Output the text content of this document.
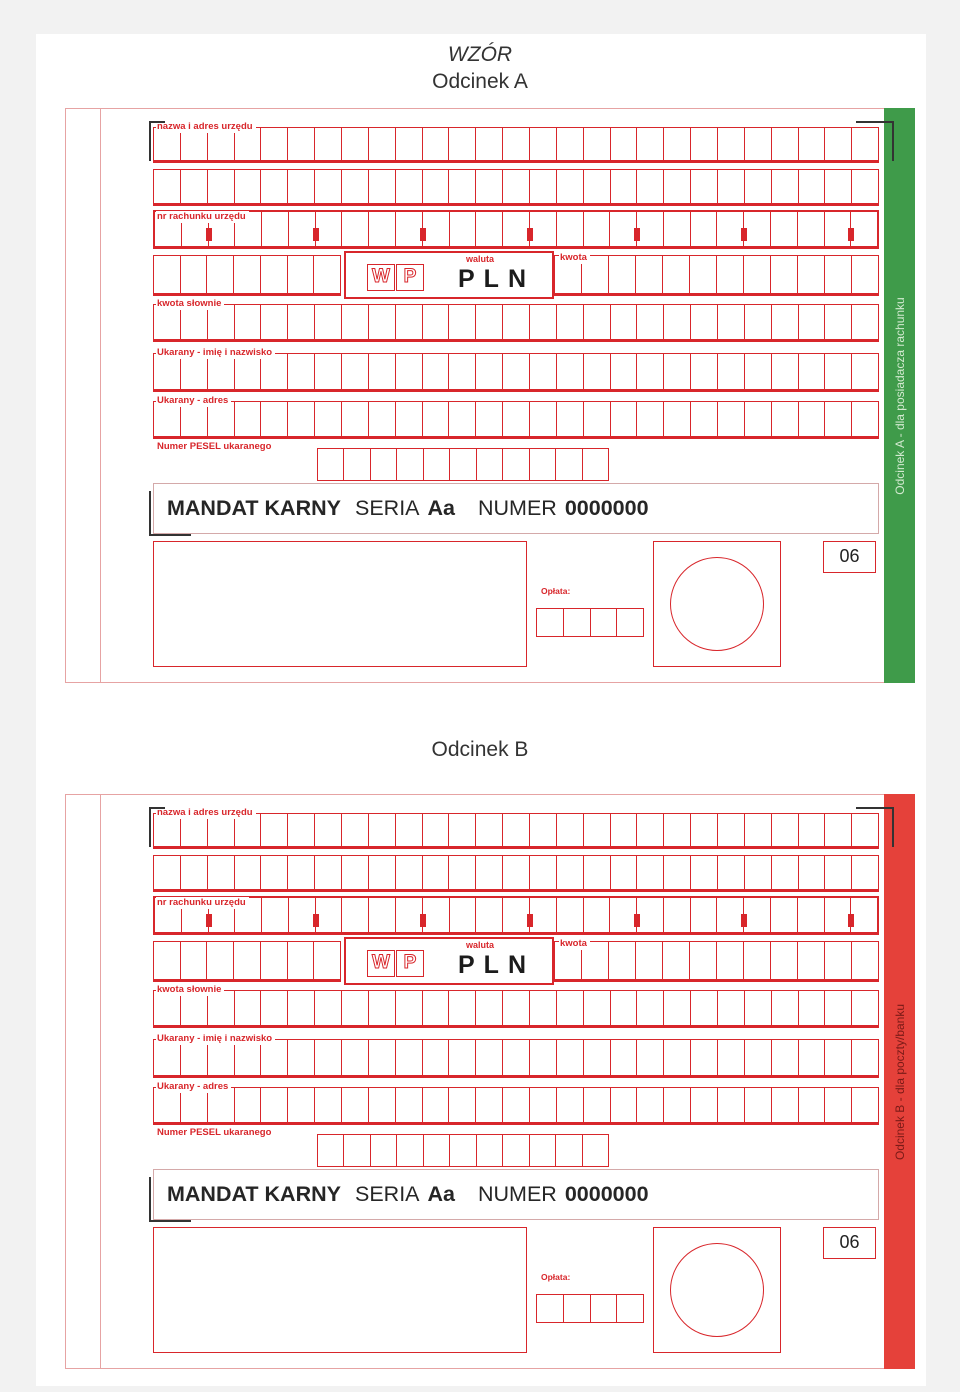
WZÓR
Odcinek A
Odcinek B
Odcinek A - dla posiadacza rachunku
nazwa i adres urzędu
nr rachunku urzędu
W P
waluta
PLN
kwota
kwota słownie
Ukarany - imię i nazwisko
Ukarany - adres
Numer PESEL ukaranego
MANDAT KARNY SERIA Aa NUMER 0000000
Opłata:
06
Odcinek B - dla poczty/banku
nazwa i adres urzędu
nr rachunku urzędu
W P
waluta
PLN
kwota
kwota słownie
Ukarany - imię i nazwisko
Ukarany - adres
Numer PESEL ukaranego
MANDAT KARNY SERIA Aa NUMER 0000000
Opłata:
06
